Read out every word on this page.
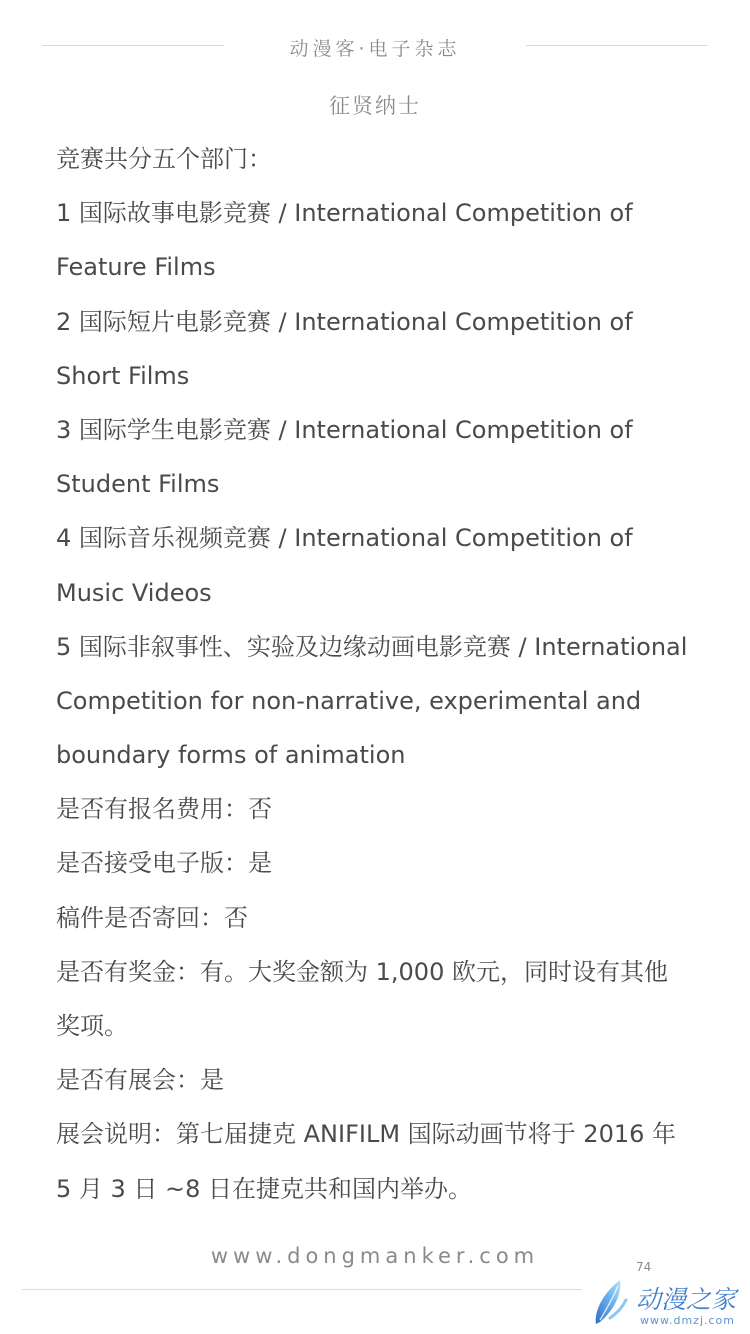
动漫客·电子杂志
征贤纳士
竞赛共分五个部门：
1 国际故事电影竞赛 / International Competition of
Feature Films
2 国际短片电影竞赛 / International Competition of
Short Films
3 国际学生电影竞赛 / International Competition of
Student Films
4 国际音乐视频竞赛 / International Competition of
Music Videos
5 国际非叙事性、实验及边缘动画电影竞赛 / International
Competition for non-narrative, experimental and
boundary forms of animation
是否有报名费用：否
是否接受电子版：是
稿件是否寄回：否
是否有奖金：有。大奖金额为 1,000 欧元，同时设有其他
奖项。
是否有展会：是
展会说明：第七届捷克 ANIFILM 国际动画节将于 2016 年
5 月 3 日 ~8 日在捷克共和国内举办。
www.dongmanker.com	74
动漫之家
www.dmzj.com
